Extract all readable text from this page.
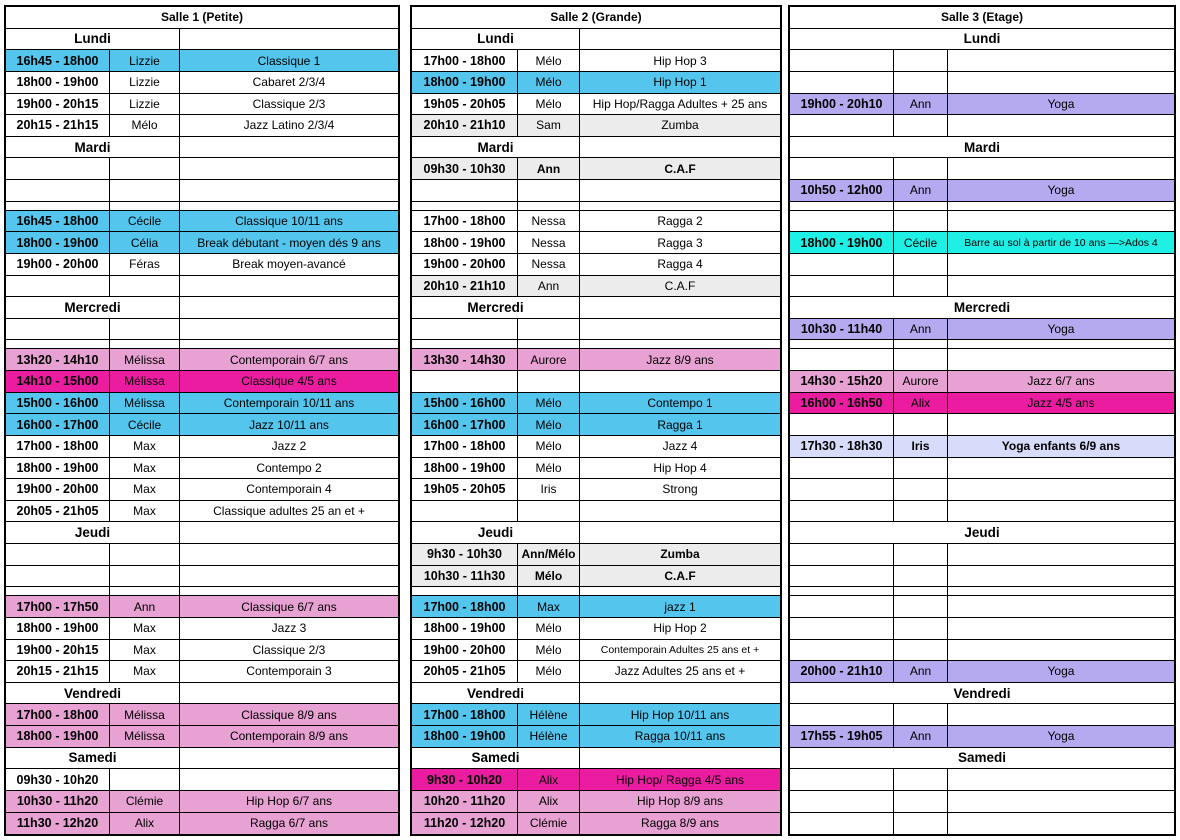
Salle 1 (Petite)
Lundi
16h45 - 18h00	Lizzie	Classique 1
18h00 - 19h00	Lizzie	Cabaret 2/3/4
19h00 - 20h15	Lizzie	Classique 2/3
20h15 - 21h15	Mélo	Jazz Latino 2/3/4
Mardi
16h45 - 18h00	Cécile	Classique 10/11 ans
18h00 - 19h00	Célia	Break débutant - moyen dés 9 ans
19h00 - 20h00	Féras	Break moyen-avancé
Mercredi
13h20 - 14h10	Mélissa	Contemporain 6/7 ans
14h10 - 15h00	Mélissa	Classique 4/5 ans
15h00 - 16h00	Mélissa	Contemporain 10/11 ans
16h00 - 17h00	Cécile	Jazz 10/11 ans
17h00 - 18h00	Max	Jazz 2
18h00 - 19h00	Max	Contempo 2
19h00 - 20h00	Max	Contemporain 4
20h05 - 21h05	Max	Classique adultes 25 an et +
Jeudi
17h00 - 17h50	Ann	Classique 6/7 ans
18h00 - 19h00	Max	Jazz 3
19h00 - 20h15	Max	Classique 2/3
20h15 - 21h15	Max	Contemporain 3
Vendredi
17h00 - 18h00	Mélissa	Classique 8/9 ans
18h00 - 19h00	Mélissa	Contemporain 8/9 ans
Samedi
09h30 - 10h20
10h30 - 11h20	Clémie	Hip Hop 6/7 ans
11h30 - 12h20	Alix	Ragga 6/7 ans
Salle 2 (Grande)
Lundi
17h00 - 18h00	Mélo	Hip Hop 3
18h00 - 19h00	Mélo	Hip Hop 1
19h05 - 20h05	Mélo	Hip Hop/Ragga Adultes + 25 ans
20h10 - 21h10	Sam	Zumba
Mardi
09h30 - 10h30	Ann	C.A.F
17h00 - 18h00	Nessa	Ragga 2
18h00 - 19h00	Nessa	Ragga 3
19h00 - 20h00	Nessa	Ragga 4
20h10 - 21h10	Ann	C.A.F
Mercredi
13h30 - 14h30	Aurore	Jazz 8/9 ans
15h00 - 16h00	Mélo	Contempo 1
16h00 - 17h00	Mélo	Ragga 1
17h00 - 18h00	Mélo	Jazz 4
18h00 - 19h00	Mélo	Hip Hop 4
19h05 - 20h05	Iris	Strong
Jeudi
9h30 - 10h30	Ann/Mélo	Zumba
10h30 - 11h30	Mélo	C.A.F
17h00 - 18h00	Max	jazz 1
18h00 - 19h00	Mélo	Hip Hop 2
19h00 - 20h00	Mélo	Contemporain Adultes 25 ans et +
20h05 - 21h05	Mélo	Jazz Adultes 25 ans et +
Vendredi
17h00 - 18h00	Hélène	Hip Hop 10/11 ans
18h00 - 19h00	Hélène	Ragga 10/11 ans
Samedi
9h30 - 10h20	Alix	Hip Hop/ Ragga 4/5 ans
10h20 - 11h20	Alix	Hip Hop 8/9 ans
11h20 - 12h20	Clémie	Ragga 8/9 ans
Salle 3 (Etage)
Lundi
19h00 - 20h10	Ann	Yoga
Mardi
10h50 - 12h00	Ann	Yoga
18h00 - 19h00	Cécile	Barre au sol à partir de 10 ans —>Ados 4
Mercredi
10h30 - 11h40	Ann	Yoga
14h30 - 15h20	Aurore	Jazz 6/7 ans
16h00 - 16h50	Alix	Jazz 4/5 ans
17h30 - 18h30	Iris	Yoga enfants 6/9 ans
Jeudi
20h00 - 21h10	Ann	Yoga
Vendredi
17h55 - 19h05	Ann	Yoga
Samedi
